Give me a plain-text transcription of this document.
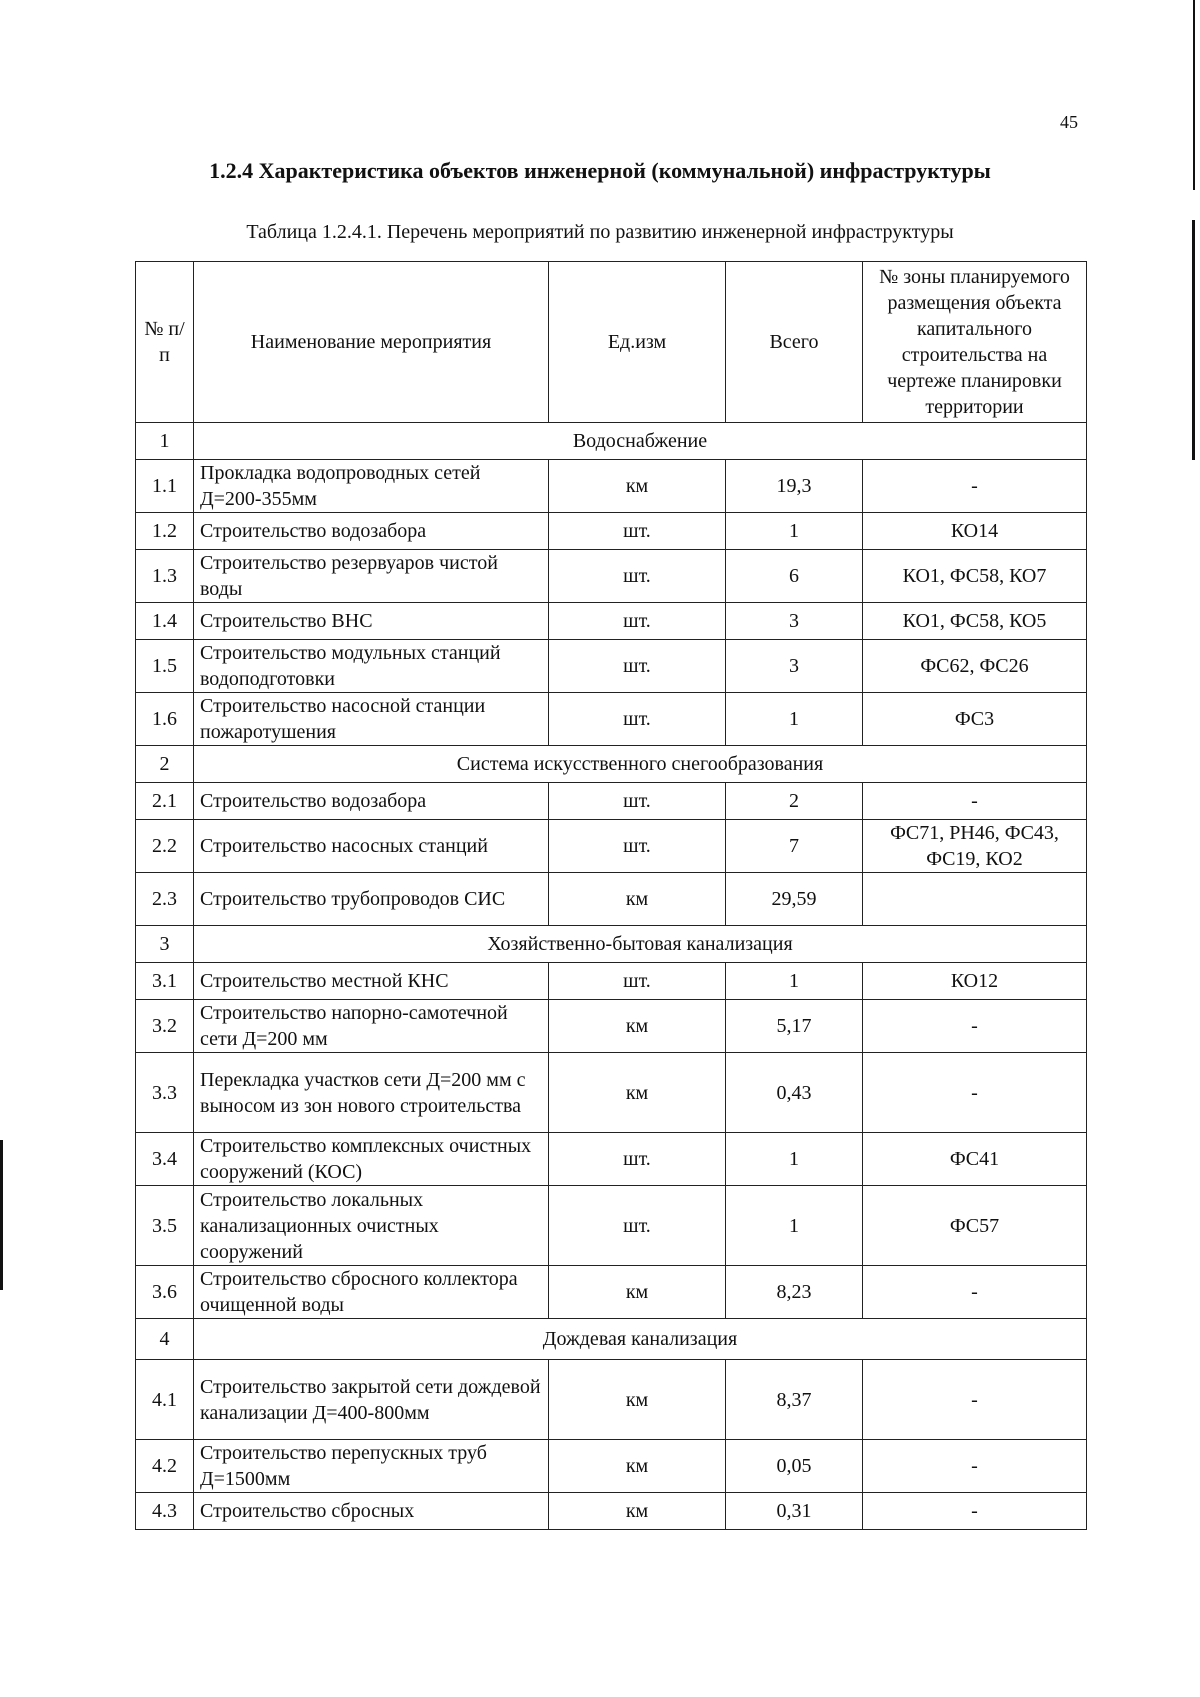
45
1.2.4 Характеристика объектов инженерной (коммунальной) инфраструктуры
Таблица 1.2.4.1. Перечень мероприятий по развитию инженерной инфраструктуры
№ п/п	Наименование мероприятия	Ед.изм	Всего	№ зоны планируемого размещения объекта капитального строительства на чертеже планировки территории
1	Водоснабжение			
1.1	Прокладка водопроводных сетей Д=200-355мм	км	19,3	-
1.2	Строительство водозабора	шт.	1	КО14
1.3	Строительство резервуаров чистой воды	шт.	6	КО1, ФС58, КО7
1.4	Строительство ВНС	шт.	3	КО1, ФС58, КО5
1.5	Строительство модульных станций водоподготовки	шт.	3	ФС62, ФС26
1.6	Строительство насосной станции пожаротушения	шт.	1	ФС3
2	Система искусственного снегообразования			
2.1	Строительство водозабора	шт.	2	-
2.2	Строительство насосных станций	шт.	7	ФС71, РН46, ФС43, ФС19, КО2
2.3	Строительство трубопроводов СИС	км	29,59	
3	Хозяйственно-бытовая канализация			
3.1	Строительство местной КНС	шт.	1	КО12
3.2	Строительство напорно-самотечной сети Д=200 мм	км	5,17	-
3.3	Перекладка участков сети Д=200 мм с выносом из зон нового строительства	км	0,43	-
3.4	Строительство комплексных очистных сооружений (КОС)	шт.	1	ФС41
3.5	Строительство локальных канализационных очистных сооружений	шт.	1	ФС57
3.6	Строительство сбросного коллектора очищенной воды	км	8,23	-
4	Дождевая канализация			
4.1	Строительство закрытой сети дождевой канализации Д=400-800мм	км	8,37	-
4.2	Строительство перепускных труб Д=1500мм	км	0,05	-
4.3	Строительство сбросных	км	0,31	-
